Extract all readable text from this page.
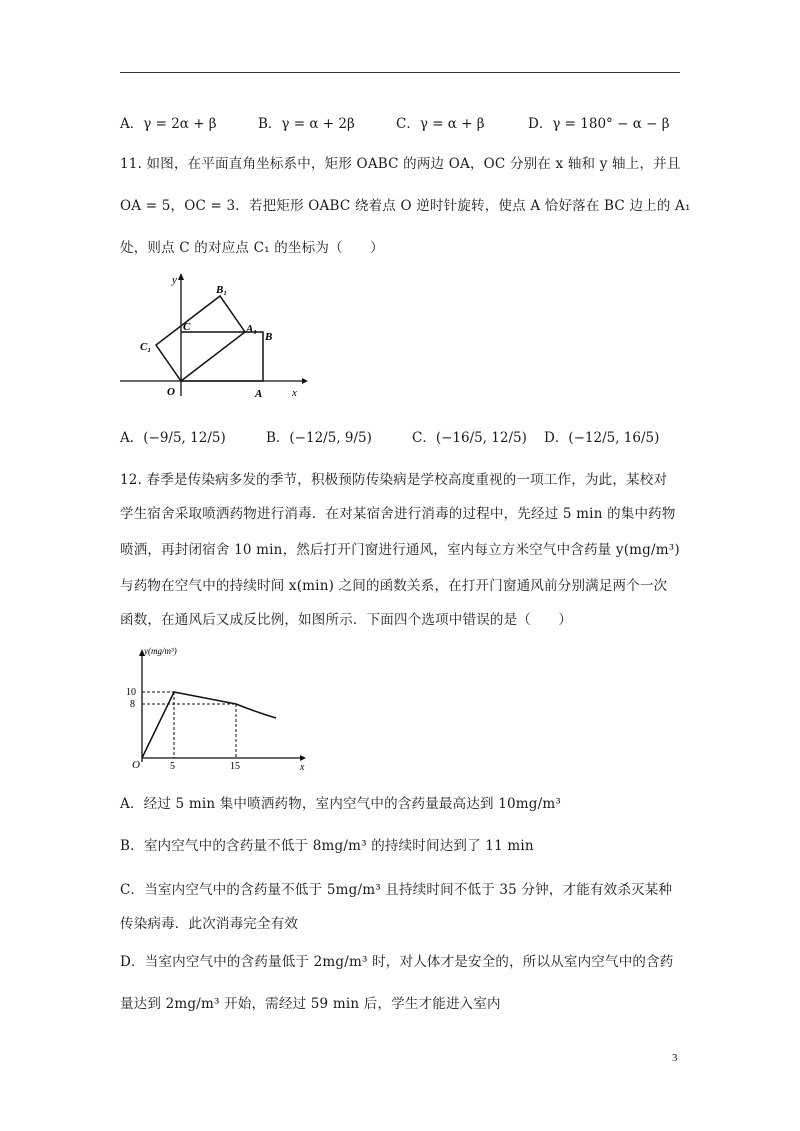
A．γ = 2α + β	B．γ = α + 2β	C．γ = α + β	D．γ = 180° − α − β
11. 如图，在平面直角坐标系中，矩形 OABC 的两边 OA，OC 分别在 x 轴和 y 轴上，并且
OA = 5，OC = 3．若把矩形 OABC 绕着点 O 逆时针旋转，使点 A 恰好落在 BC 边上的 A₁
处，则点 C 的对应点 C₁ 的坐标为（　　）
y
x
B₁
C	A₁
B
C₁
O	A
A．(−9/5, 12/5)	B．(−12/5, 9/5)	C．(−16/5, 12/5) D．(−12/5, 16/5)
12. 春季是传染病多发的季节，积极预防传染病是学校高度重视的一项工作，为此，某校对
学生宿舍采取喷洒药物进行消毒．在对某宿舍进行消毒的过程中，先经过 5 min 的集中药物
喷洒，再封闭宿舍 10 min，然后打开门窗进行通风，室内每立方米空气中含药量 y(mg/m³)
与药物在空气中的持续时间 x(min) 之间的函数关系，在打开门窗通风前分别满足两个一次
函数，在通风后又成反比例，如图所示．下面四个选项中错误的是（　　）
y(mg/m³)
10
8
O	5	15	x
A．经过 5 min 集中喷洒药物，室内空气中的含药量最高达到 10mg/m³
B．室内空气中的含药量不低于 8mg/m³ 的持续时间达到了 11 min
C．当室内空气中的含药量不低于 5mg/m³ 且持续时间不低于 35 分钟，才能有效杀灭某种
传染病毒．此次消毒完全有效
D．当室内空气中的含药量低于 2mg/m³ 时，对人体才是安全的，所以从室内空气中的含药
量达到 2mg/m³ 开始，需经过 59 min 后，学生才能进入室内
3
